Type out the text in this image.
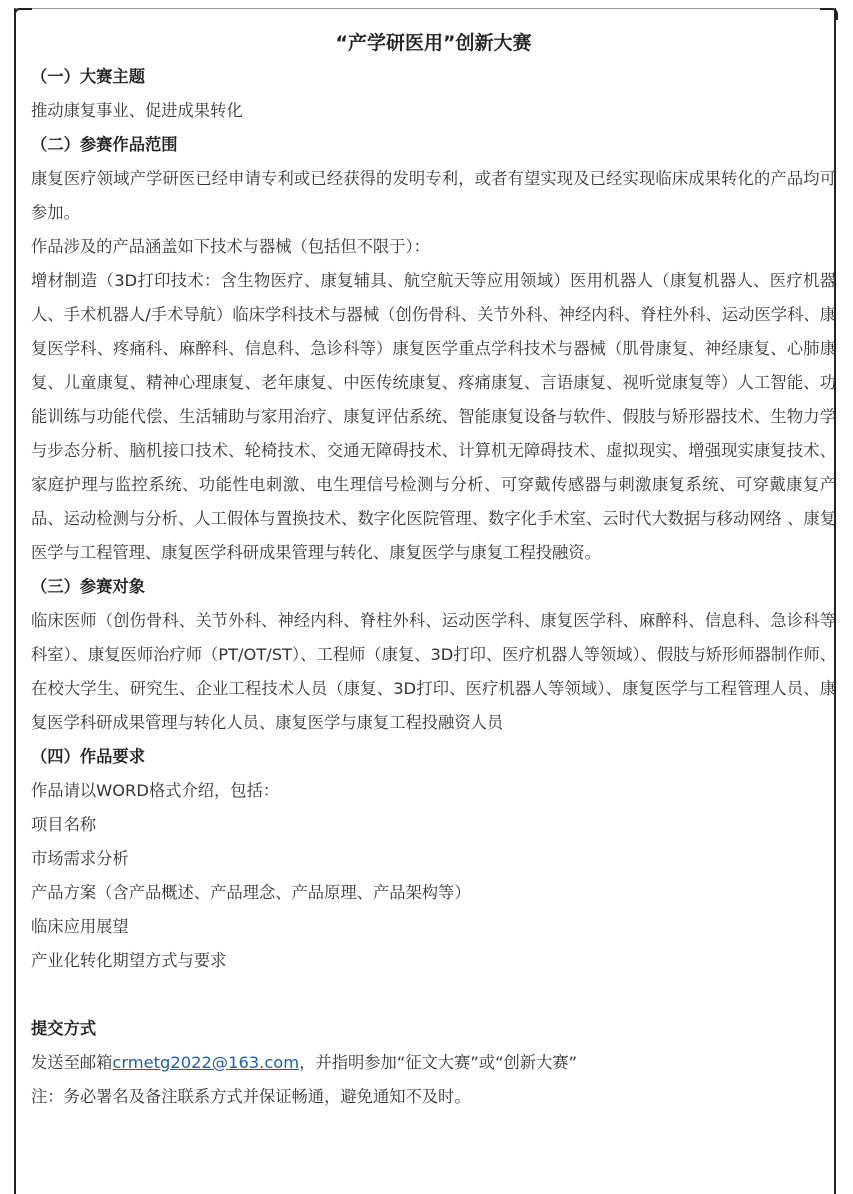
“产学研医用”创新大赛
（一）大赛主题

推动康复事业、促进成果转化

（二）参赛作品范围

康复医疗领域产学研医已经申请专利或已经获得的发明专利，或者有望实现及已经实现临床成果转化的产品均可参加。

作品涉及的产品涵盖如下技术与器械（包括但不限于）：

增材制造（3D打印技术：含生物医疗、康复辅具、航空航天等应用领域）医用机器人（康复机器人、医疗机器人、手术机器人/手术导航）临床学科技术与器械（创伤骨科、关节外科、神经内科、脊柱外科、运动医学科、康复医学科、疼痛科、麻醉科、信息科、急诊科等）康复医学重点学科技术与器械（肌骨康复、神经康复、心肺康复、儿童康复、精神心理康复、老年康复、中医传统康复、疼痛康复、言语康复、视听觉康复等）人工智能、功能训练与功能代偿、生活辅助与家用治疗、康复评估系统、智能康复设备与软件、假肢与矫形器技术、生物力学与步态分析、脑机接口技术、轮椅技术、交通无障碍技术、计算机无障碍技术、虚拟现实、增强现实康复技术、家庭护理与监控系统、功能性电刺激、电生理信号检测与分析、可穿戴传感器与刺激康复系统、可穿戴康复产品、运动检测与分析、人工假体与置换技术、数字化医院管理、数字化手术室、云时代大数据与移动网络 、康复医学与工程管理、康复医学科研成果管理与转化、康复医学与康复工程投融资。

（三）参赛对象

临床医师（创伤骨科、关节外科、神经内科、脊柱外科、运动医学科、康复医学科、麻醉科、信息科、急诊科等科室）、康复医师治疗师（PT/OT/ST）、工程师（康复、3D打印、医疗机器人等领域）、假肢与矫形师器制作师、在校大学生、研究生、企业工程技术人员（康复、3D打印、医疗机器人等领域）、康复医学与工程管理人员、康复医学科研成果管理与转化人员、康复医学与康复工程投融资人员

（四）作品要求

作品请以WORD格式介绍，包括：

项目名称

市场需求分析

产品方案（含产品概述、产品理念、产品原理、产品架构等）

临床应用展望

产业化转化期望方式与要求

提交方式

发送至邮箱crmetg2022@163.com，并指明参加“征文大赛”或“创新大赛”

注：务必署名及备注联系方式并保证畅通，避免通知不及时。
